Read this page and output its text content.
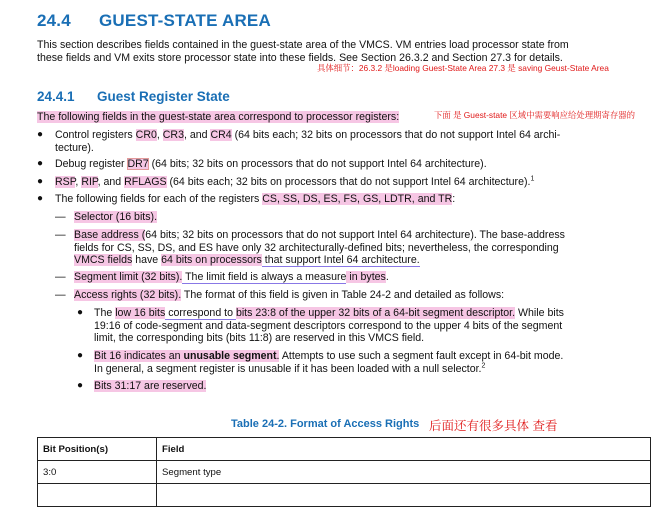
24.4 GUEST-STATE AREA
This section describes fields contained in the guest-state area of the VMCS. VM entries load processor state from
these fields and VM exits store processor state into these fields. See Section 26.3.2 and Section 27.3 for details.
具体细节：26.3.2 是loading Guest-State Area 27.3 是 saving Geust-State Area
24.4.1 Guest Register State
The following fields in the guest-state area correspond to processor registers:	下面 是 Guest-state 区域中需要响应给处理期寄存器的
●	Control registers CR0, CR3, and CR4 (64 bits each; 32 bits on processors that do not support Intel 64 archi-
tecture).
●	Debug register DR7 (64 bits; 32 bits on processors that do not support Intel 64 architecture).
●	RSP, RIP, and RFLAGS (64 bits each; 32 bits on processors that do not support Intel 64 architecture).$^1$
●	The following fields for each of the registers CS, SS, DS, ES, FS, GS, LDTR, and TR:
— Selector (16 bits).
— Base address (64 bits; 32 bits on processors that do not support Intel 64 architecture). The base-address
fields for CS, SS, DS, and ES have only 32 architecturally-defined bits; nevertheless, the corresponding
VMCS fields have 64 bits on processors that support Intel 64 architecture.
— Segment limit (32 bits). The limit field is always a measure in bytes.
— Access rights (32 bits). The format of this field is given in Table 24-2 and detailed as follows:
● The low 16 bits correspond to bits 23:8 of the upper 32 bits of a 64-bit segment descriptor. While bits
19:16 of code-segment and data-segment descriptors correspond to the upper 4 bits of the segment
limit, the corresponding bits (bits 11:8) are reserved in this VMCS field.
● Bit 16 indicates an unusable segment. Attempts to use such a segment fault except in 64-bit mode.
In general, a segment register is unusable if it has been loaded with a null selector.$^2$
●	Bits 31:17 are reserved.
Table 24-2. Format of Access Rights 后面还有很多具体 查看
Bit Position(s)	Field
3:0	Segment type
